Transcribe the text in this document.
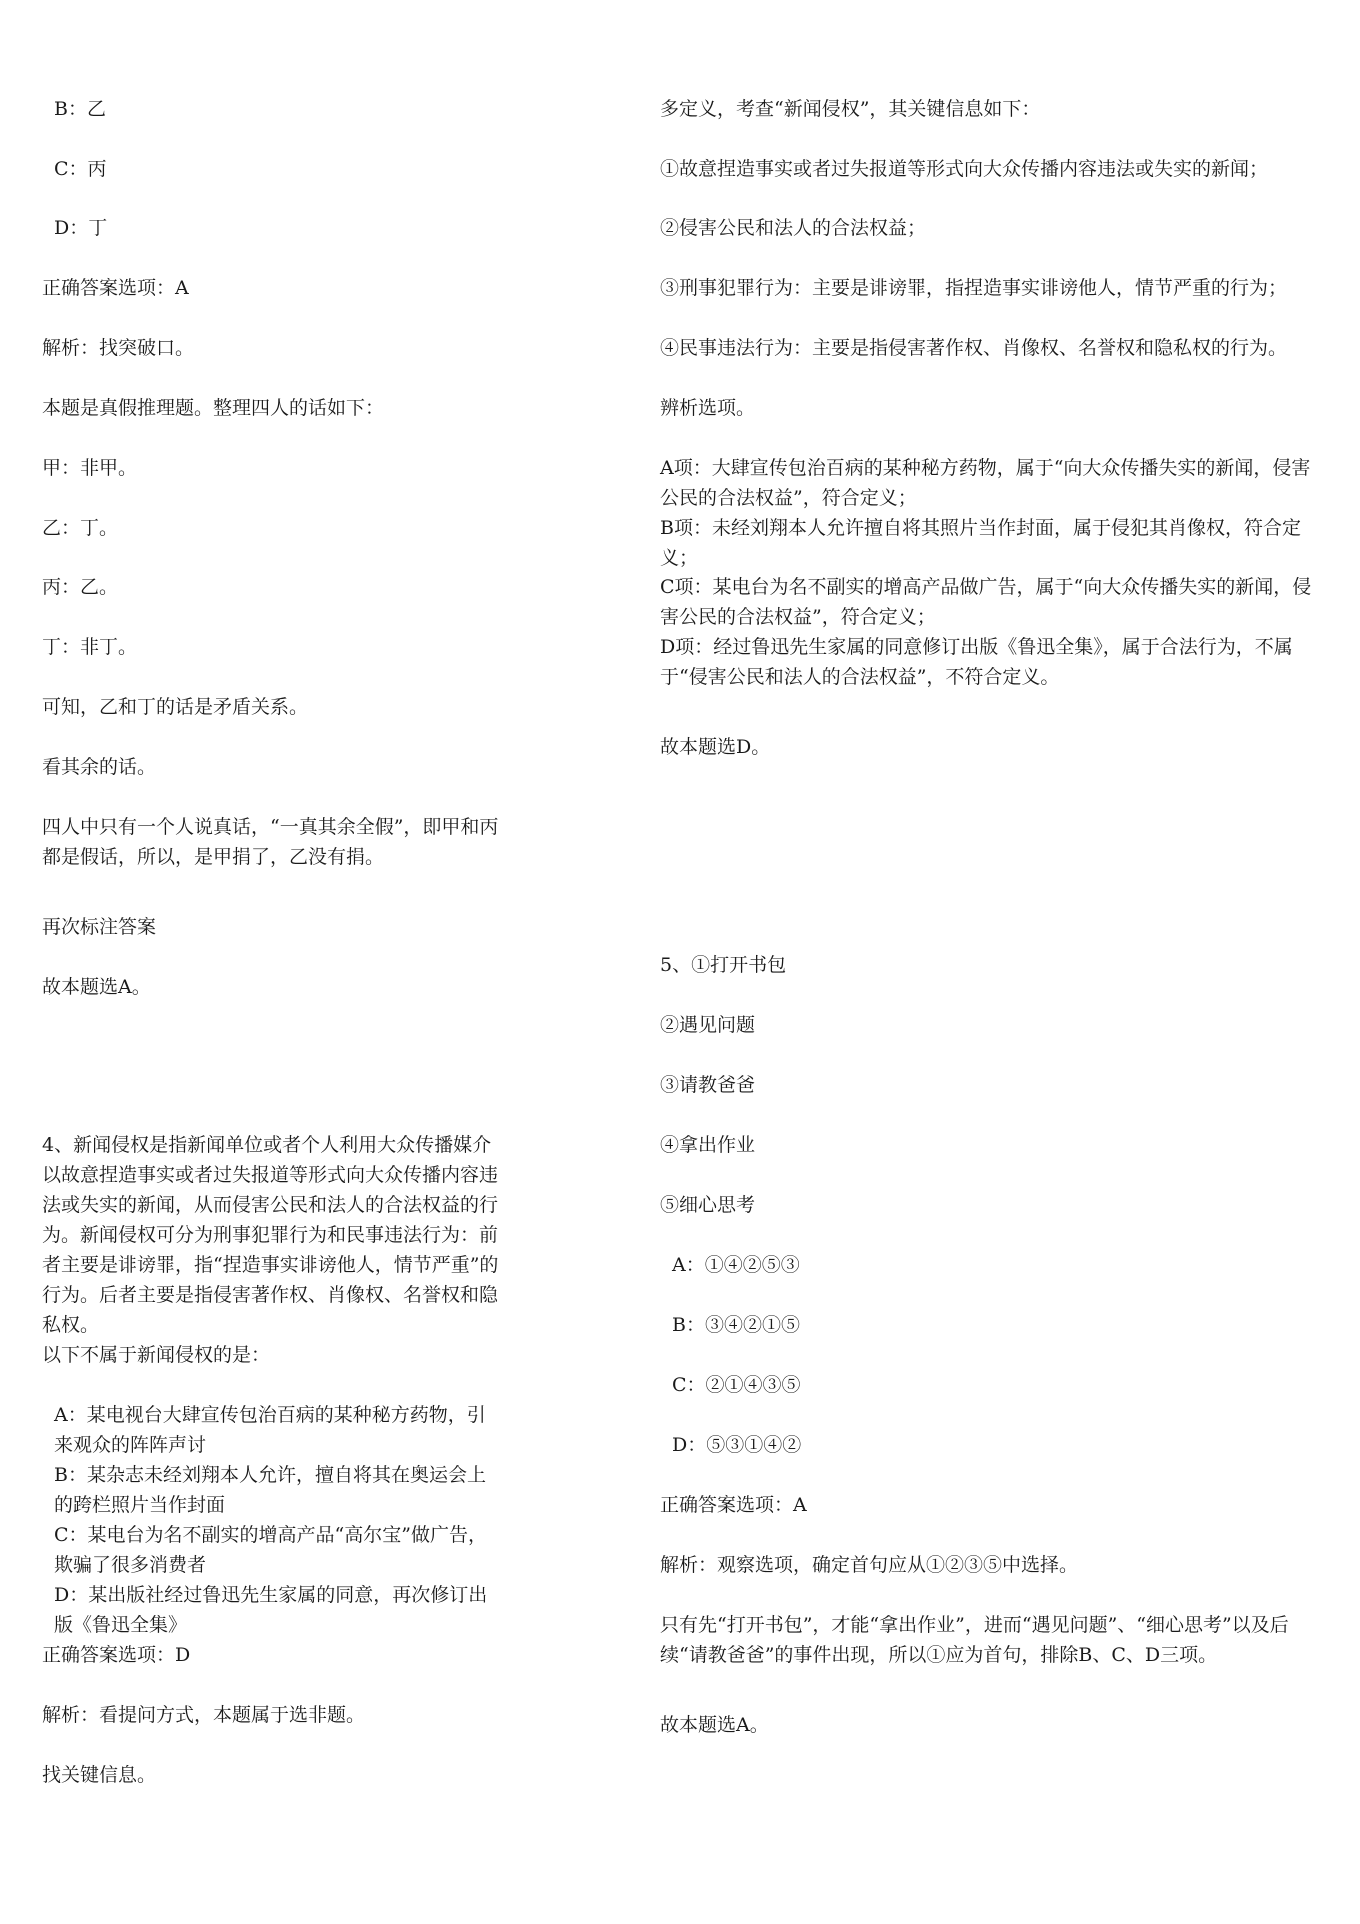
B：乙

C：丙

D：丁

正确答案选项：A

解析：找突破口。

本题是真假推理题。整理四人的话如下：

甲：非甲。

乙：丁。

丙：乙。

丁：非丁。

可知，乙和丁的话是矛盾关系。

看其余的话。

四人中只有一个人说真话，“一真其余全假”，即甲和丙都是假话，所以，是甲捐了，乙没有捐。

再次标注答案

故本题选A。

4、新闻侵权是指新闻单位或者个人利用大众传播媒介以故意捏造事实或者过失报道等形式向大众传播内容违法或失实的新闻，从而侵害公民和法人的合法权益的行为。新闻侵权可分为刑事犯罪行为和民事违法行为：前者主要是诽谤罪，指“捏造事实诽谤他人，情节严重”的行为。后者主要是指侵害著作权、肖像权、名誉权和隐私权。

以下不属于新闻侵权的是：

A：某电视台大肆宣传包治百病的某种秘方药物，引来观众的阵阵声讨

B：某杂志未经刘翔本人允许，擅自将其在奥运会上的跨栏照片当作封面

C：某电台为名不副实的增高产品“高尔宝”做广告，欺骗了很多消费者

D：某出版社经过鲁迅先生家属的同意，再次修订出版《鲁迅全集》

正确答案选项：D

解析：看提问方式，本题属于选非题。

找关键信息。

多定义，考查“新闻侵权”，其关键信息如下：

①故意捏造事实或者过失报道等形式向大众传播内容违法或失实的新闻；

②侵害公民和法人的合法权益；

③刑事犯罪行为：主要是诽谤罪，指捏造事实诽谤他人，情节严重的行为；

④民事违法行为：主要是指侵害著作权、肖像权、名誉权和隐私权的行为。

辨析选项。

A项：大肆宣传包治百病的某种秘方药物，属于“向大众传播失实的新闻，侵害公民的合法权益”，符合定义；

B项：未经刘翔本人允许擅自将其照片当作封面，属于侵犯其肖像权，符合定义；

C项：某电台为名不副实的增高产品做广告，属于“向大众传播失实的新闻，侵害公民的合法权益”，符合定义；

D项：经过鲁迅先生家属的同意修订出版《鲁迅全集》，属于合法行为，不属于“侵害公民和法人的合法权益”，不符合定义。

故本题选D。

5、①打开书包

②遇见问题

③请教爸爸

④拿出作业

⑤细心思考

A：①④②⑤③

B：③④②①⑤

C：②①④③⑤

D：⑤③①④②

正确答案选项：A

解析：观察选项，确定首句应从①②③⑤中选择。

只有先“打开书包”，才能“拿出作业”，进而“遇见问题”、“细心思考”以及后续“请教爸爸”的事件出现，所以①应为首句，排除B、C、D三项。

故本题选A。
